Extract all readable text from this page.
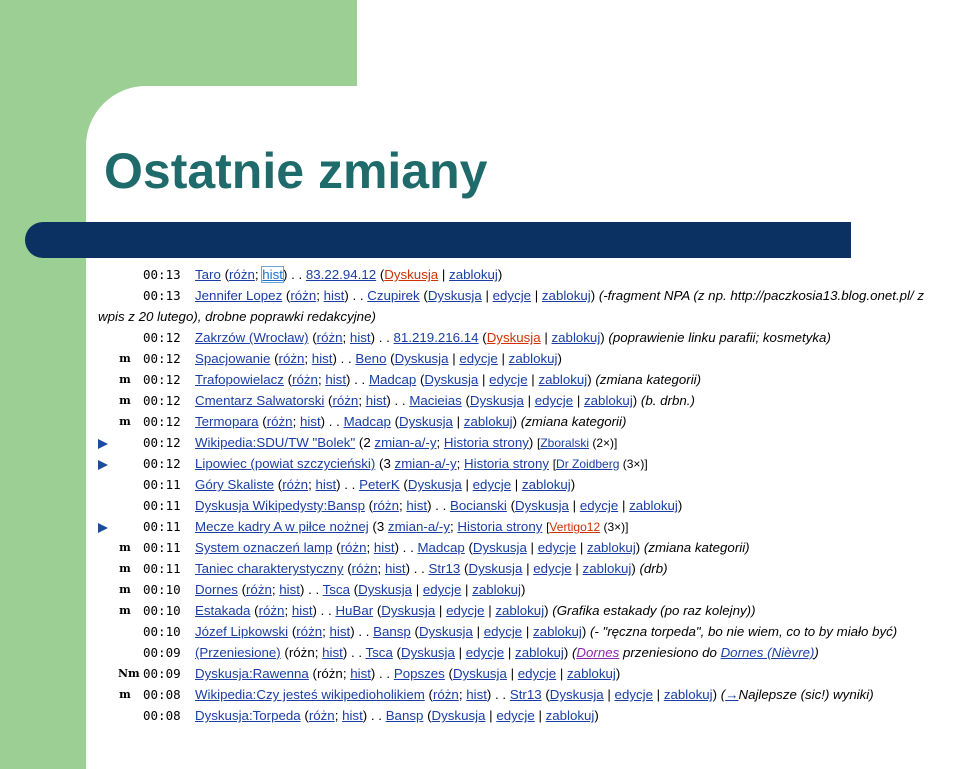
Ostatnie zmiany
00:13 Taro (różn; hist) . . 83.22.94.12 (Dyskusja | zablokuj)
00:13 Jennifer Lopez (różn; hist) . . Czupirek (Dyskusja | edycje | zablokuj) (-fragment NPA (z np. http://paczkosia13.blog.onet.pl/ z
wpis z 20 lutego), drobne poprawki redakcyjne)
00:12 Zakrzów (Wrocław) (różn; hist) . . 81.219.216.14 (Dyskusja | zablokuj) (poprawienie linku parafii; kosmetyka)
m 00:12 Spacjowanie (różn; hist) . . Beno (Dyskusja | edycje | zablokuj)
m 00:12 Trafopowielacz (różn; hist) . . Madcap (Dyskusja | edycje | zablokuj) (zmiana kategorii)
m 00:12 Cmentarz Salwatorski (różn; hist) . . Macieias (Dyskusja | edycje | zablokuj) (b. drbn.)
m 00:12 Termopara (różn; hist) . . Madcap (Dyskusja | zablokuj) (zmiana kategorii)
00:12 Wikipedia:SDU/TW "Bolek" (2 zmian-a/-y; Historia strony) [Zboralski (2×)]
00:12 Lipowiec (powiat szczycieński) (3 zmian-a/-y; Historia strony [Dr Zoidberg (3×)]
00:11 Góry Skaliste (różn; hist) . . PeterK (Dyskusja | edycje | zablokuj)
00:11 Dyskusja Wikipedysty:Bansp (różn; hist) . . Bocianski (Dyskusja | edycje | zablokuj)
00:11 Mecze kadry A w piłce nożnej (3 zmian-a/-y; Historia strony [Vertigo12 (3×)]
m 00:11 System oznaczeń lamp (różn; hist) . . Madcap (Dyskusja | edycje | zablokuj) (zmiana kategorii)
m 00:11 Taniec charakterystyczny (różn; hist) . . Str13 (Dyskusja | edycje | zablokuj) (drb)
m 00:10 Dornes (różn; hist) . . Tsca (Dyskusja | edycje | zablokuj)
m 00:10 Estakada (różn; hist) . . HuBar (Dyskusja | edycje | zablokuj) (Grafika estakady (po raz kolejny))
00:10 Józef Lipkowski (różn; hist) . . Bansp (Dyskusja | edycje | zablokuj) (- "ręczna torpeda", bo nie wiem, co to by miało być)
00:09 (Przeniesione) (różn; hist) . . Tsca (Dyskusja | edycje | zablokuj) (Dornes przeniesiono do Dornes (Nièvre))
Nm 00:09 Dyskusja:Rawenna (różn; hist) . . Popszes (Dyskusja | edycje | zablokuj)
m 00:08 Wikipedia:Czy jesteś wikipedioholikiem (różn; hist) . . Str13 (Dyskusja | edycje | zablokuj) (→Najlepsze (sic!) wyniki)
00:08 Dyskusja:Torpeda (różn; hist) . . Bansp (Dyskusja | edycje | zablokuj)
